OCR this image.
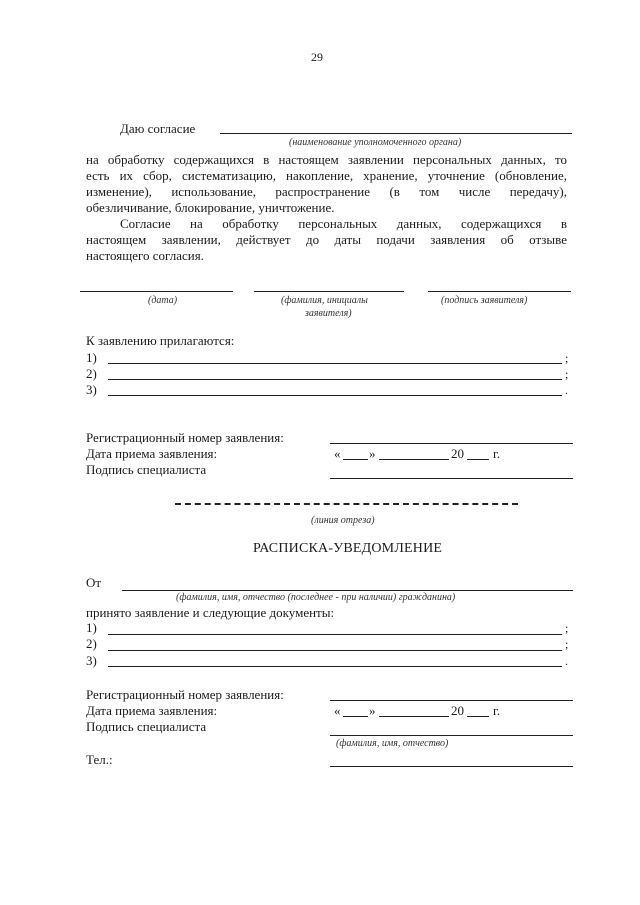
29
Даю согласие
(наименование уполномоченного органа)
на обработку содержащихся в настоящем заявлении персональных данных, то
есть их сбор, систематизацию, накопление, хранение, уточнение (обновление,
изменение), использование, распространение (в том числе передачу),
обезличивание, блокирование, уничтожение.
Согласие на обработку персональных данных, содержащихся в
настоящем заявлении, действует до даты подачи заявления об отзыве
настоящего согласия.
(дата)	(фамилия, инициалы
заявителя)
(подпись заявителя)
К заявлению прилагаются:
1)	;
2)	;
3)	.
Регистрационный номер заявления:
Дата приема заявления:	« »	20 г.
Подпись специалиста
(линия отреза)
РАСПИСКА-УВЕДОМЛЕНИЕ
От
(фамилия, имя, отчество (последнее - при наличии) гражданина)
принято заявление и следующие документы:
1)	;
2)	;
3)	.
Регистрационный номер заявления:
Дата приема заявления:	« »	20 г.
Подпись специалиста
(фамилия, имя, отчество)
Тел.:
